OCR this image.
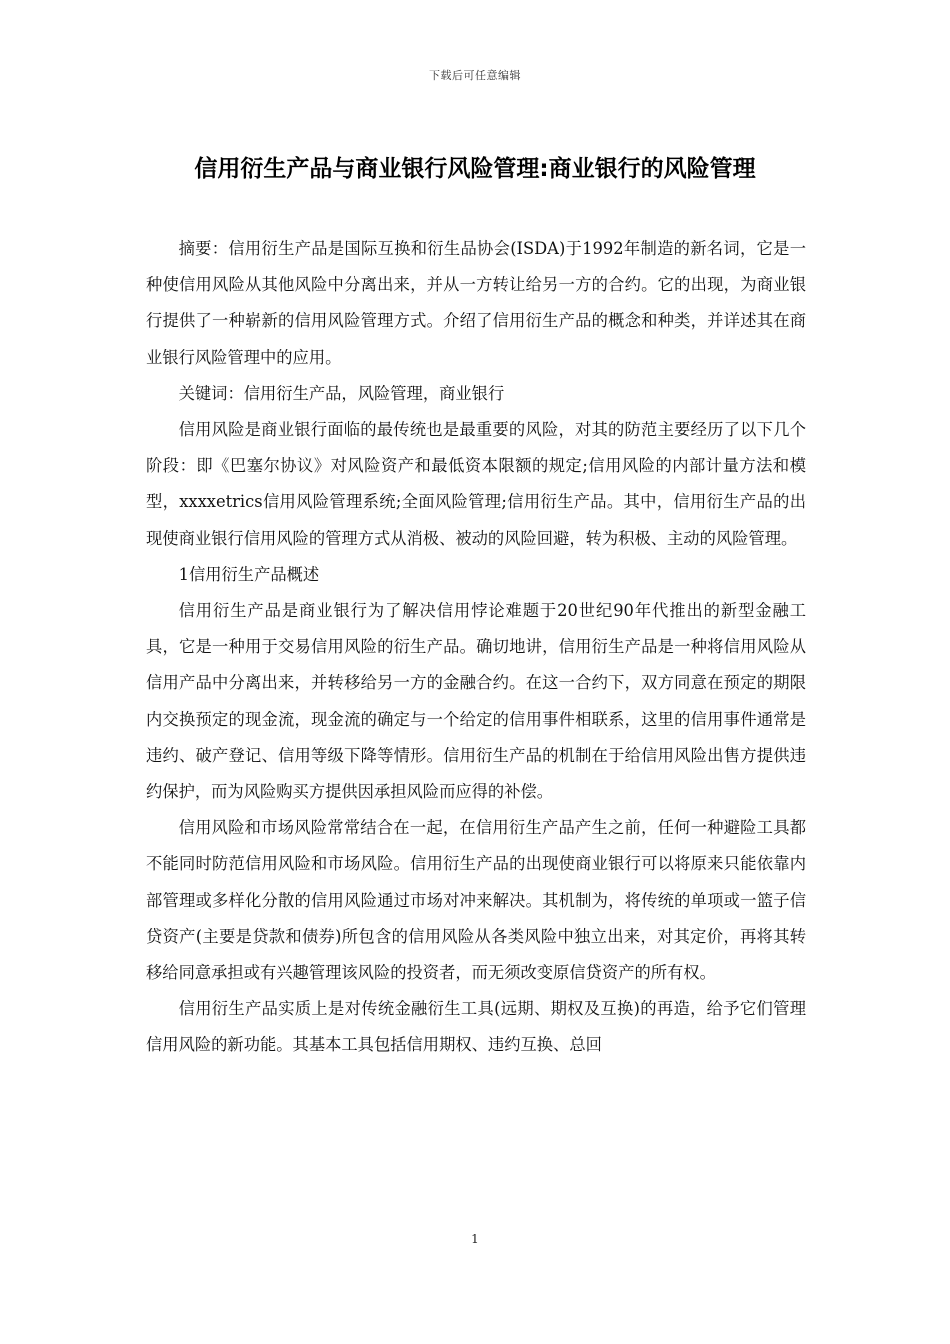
下载后可任意编辑
信用衍生产品与商业银行风险管理:商业银行的风险管理

摘要：信用衍生产品是国际互换和衍生品协会(ISDA)于1992年制造的新名词，它是一种使信用风险从其他风险中分离出来，并从一方转让给另一方的合约。它的出现，为商业银行提供了一种崭新的信用风险管理方式。介绍了信用衍生产品的概念和种类，并详述其在商业银行风险管理中的应用。

关键词：信用衍生产品，风险管理，商业银行

信用风险是商业银行面临的最传统也是最重要的风险，对其的防范主要经历了以下几个阶段：即《巴塞尔协议》对风险资产和最低资本限额的规定;信用风险的内部计量方法和模型，xxxxetrics信用风险管理系统;全面风险管理;信用衍生产品。其中，信用衍生产品的出现使商业银行信用风险的管理方式从消极、被动的风险回避，转为积极、主动的风险管理。

1信用衍生产品概述

信用衍生产品是商业银行为了解决信用悖论难题于20世纪90年代推出的新型金融工具，它是一种用于交易信用风险的衍生产品。确切地讲，信用衍生产品是一种将信用风险从信用产品中分离出来，并转移给另一方的金融合约。在这一合约下，双方同意在预定的期限内交换预定的现金流，现金流的确定与一个给定的信用事件相联系，这里的信用事件通常是违约、破产登记、信用等级下降等情形。信用衍生产品的机制在于给信用风险出售方提供违约保护，而为风险购买方提供因承担风险而应得的补偿。

信用风险和市场风险常常结合在一起，在信用衍生产品产生之前，任何一种避险工具都不能同时防范信用风险和市场风险。信用衍生产品的出现使商业银行可以将原来只能依靠内部管理或多样化分散的信用风险通过市场对冲来解决。其机制为，将传统的单项或一篮子信贷资产(主要是贷款和债券)所包含的信用风险从各类风险中独立出来，对其定价，再将其转移给同意承担或有兴趣管理该风险的投资者，而无须改变原信贷资产的所有权。

信用衍生产品实质上是对传统金融衍生工具(远期、期权及互换)的再造，给予它们管理信用风险的新功能。其基本工具包括信用期权、违约互换、总回

1
